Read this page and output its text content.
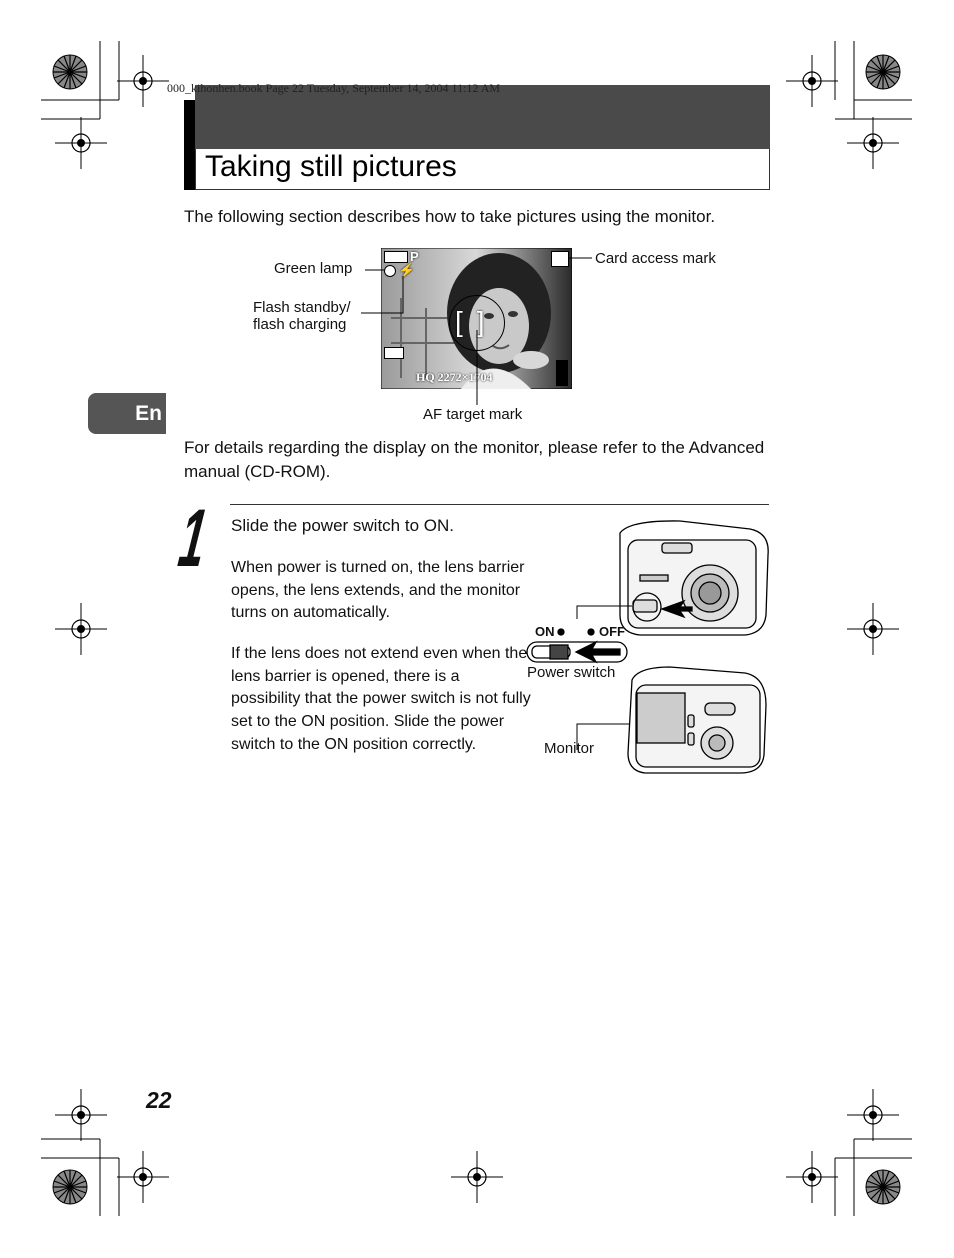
000_kihonhen.book Page 22 Tuesday, September 14, 2004 11:12 AM
Taking still pictures
The following section describes how to take pictures using the monitor.
En
P
⚡
[]
HQ 2272×1704
Green lamp
Flash standby/
flash charging
Card access mark
AF target mark
For details regarding the display on the monitor, please refer to the Advanced manual (CD-ROM).
1 Slide the power switch to ON.
When power is turned on, the lens barrier opens, the lens extends, and the monitor turns on automatically.
If the lens does not extend even when the lens barrier is opened, there is a possibility that the power switch is not fully set to the ON position. Slide the power switch to the ON position correctly.
ON	OFF
Power switch
Monitor
22
